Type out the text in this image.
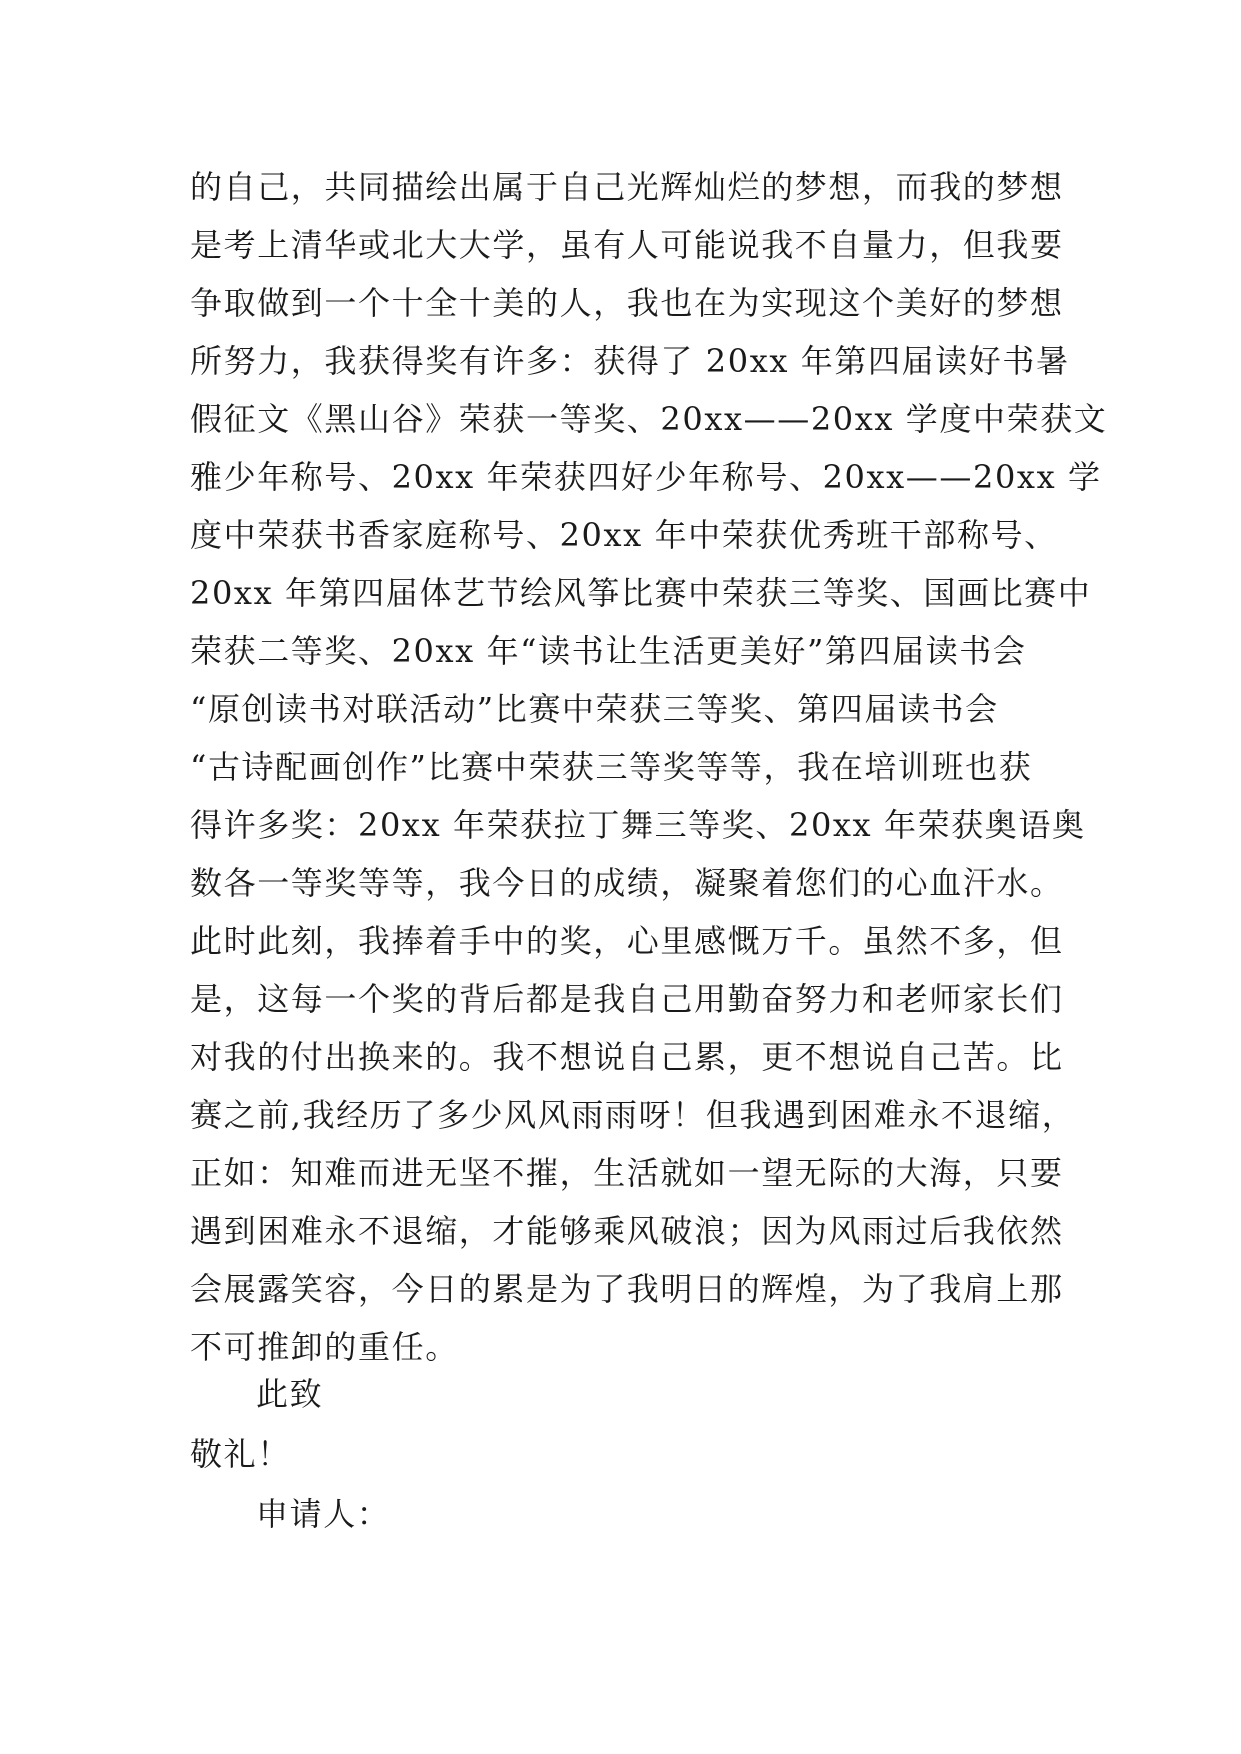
的自己，共同描绘出属于自己光辉灿烂的梦想，而我的梦想
是考上清华或北大大学，虽有人可能说我不自量力，但我要
争取做到一个十全十美的人，我也在为实现这个美好的梦想
所努力，我获得奖有许多：获得了 20xx 年第四届读好书暑
假征文《黑山谷》荣获一等奖、20xx——20xx 学度中荣获文
雅少年称号、20xx 年荣获四好少年称号、20xx——20xx 学
度中荣获书香家庭称号、20xx 年中荣获优秀班干部称号、
20xx 年第四届体艺节绘风筝比赛中荣获三等奖、国画比赛中
荣获二等奖、20xx 年“读书让生活更美好”第四届读书会
“原创读书对联活动”比赛中荣获三等奖、第四届读书会
“古诗配画创作”比赛中荣获三等奖等等，我在培训班也获
得许多奖：20xx 年荣获拉丁舞三等奖、20xx 年荣获奥语奥
数各一等奖等等，我今日的成绩，凝聚着您们的心血汗水。
此时此刻，我捧着手中的奖，心里感慨万千。虽然不多，但
是，这每一个奖的背后都是我自己用勤奋努力和老师家长们
对我的付出换来的。我不想说自己累，更不想说自己苦。比
赛之前,我经历了多少风风雨雨呀！但我遇到困难永不退缩，
正如：知难而进无坚不摧，生活就如一望无际的大海，只要
遇到困难永不退缩，才能够乘风破浪；因为风雨过后我依然
会展露笑容，今日的累是为了我明日的辉煌，为了我肩上那
不可推卸的重任。
此致
敬礼！
申请人：
